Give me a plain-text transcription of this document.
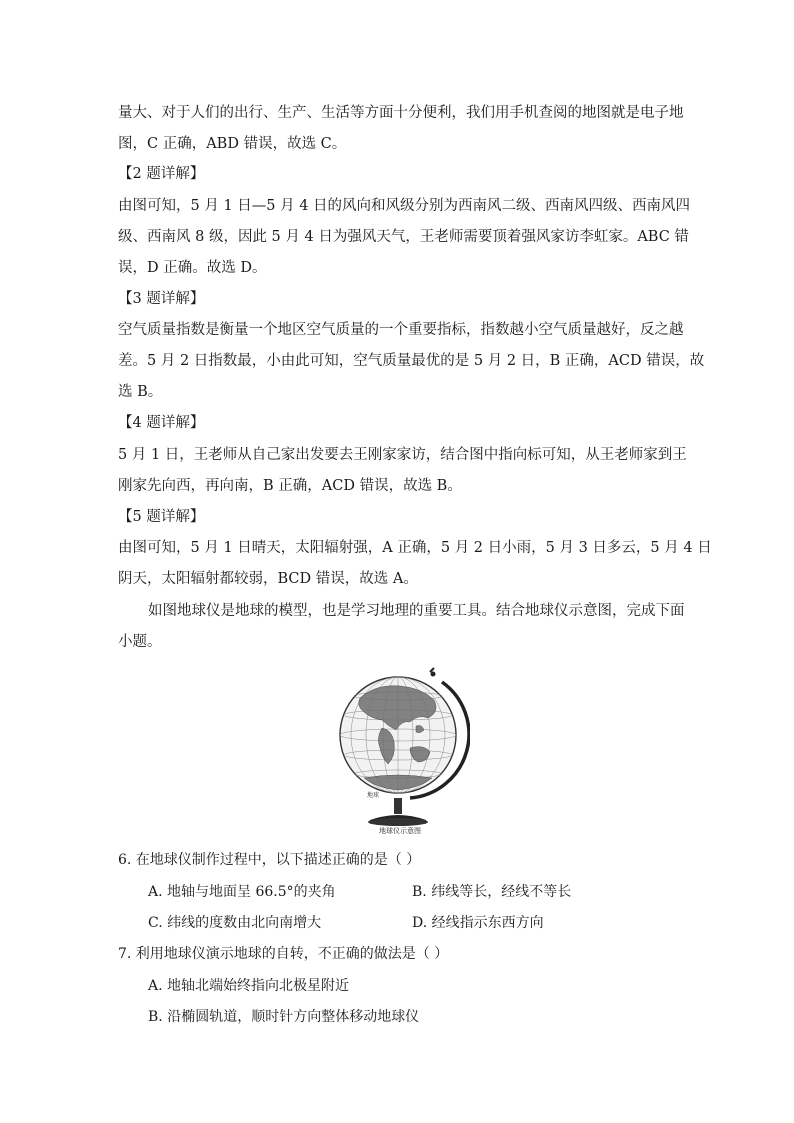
量大、对于人们的出行、生产、生活等方面十分便利，我们用手机查阅的地图就是电子地
图，C 正确，ABD 错误，故选 C。
【2 题详解】
由图可知，5 月 1 日—5 月 4 日的风向和风级分别为西南风二级、西南风四级、西南风四
级、西南风 8 级，因此 5 月 4 日为强风天气，王老师需要顶着强风家访李虹家。ABC 错
误，D 正确。故选 D。
【3 题详解】
空气质量指数是衡量一个地区空气质量的一个重要指标，指数越小空气质量越好，反之越
差。5 月 2 日指数最，小由此可知，空气质量最优的是 5 月 2 日，B 正确，ACD 错误，故
选 B。
【4 题详解】
5 月 1 日，王老师从自己家出发要去王刚家家访，结合图中指向标可知，从王老师家到王
刚家先向西，再向南，B 正确，ACD 错误，故选 B。
【5 题详解】
由图可知，5 月 1 日晴天，太阳辐射强，A 正确，5 月 2 日小雨，5 月 3 日多云，5 月 4 日
阴天，太阳辐射都较弱，BCD 错误，故选 A。
如图地球仪是地球的模型，也是学习地理的重要工具。结合地球仪示意图，完成下面
小题。
地球
地球仪示意图
6. 在地球仪制作过程中，以下描述正确的是（ ）
A. 地轴与地面呈 66.5°的夹角	B. 纬线等长，经线不等长
C. 纬线的度数由北向南增大	D. 经线指示东西方向
7. 利用地球仪演示地球的自转，不正确的做法是（ ）
A. 地轴北端始终指向北极星附近
B. 沿椭圆轨道，顺时针方向整体移动地球仪
